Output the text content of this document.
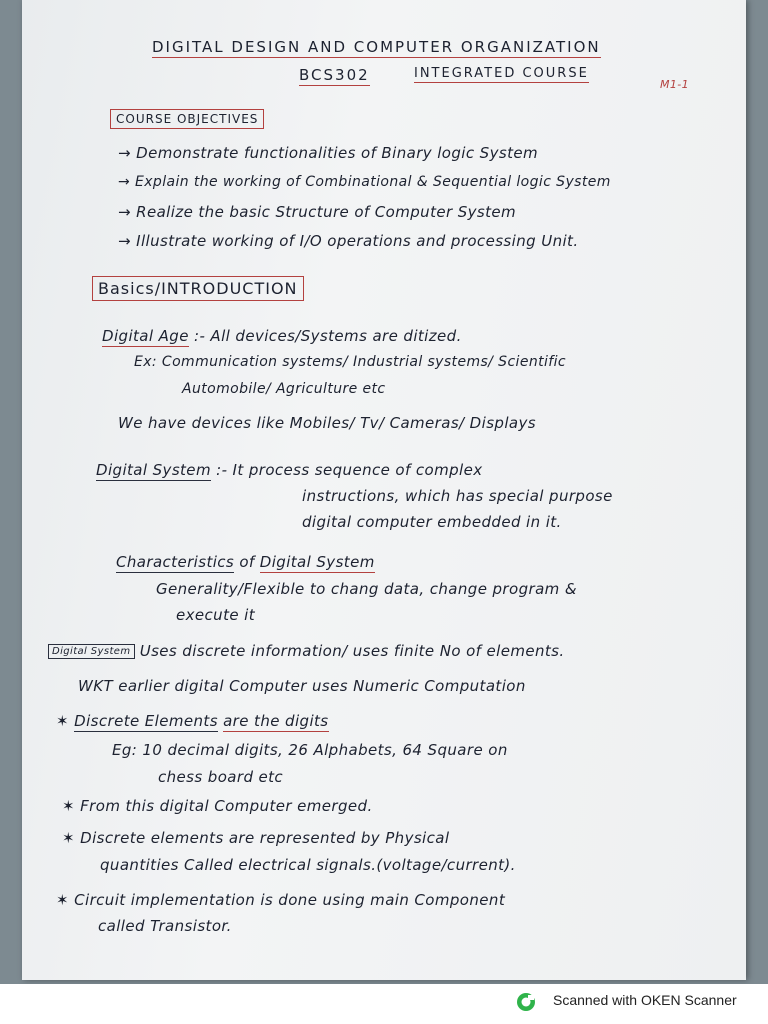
DIGITAL DESIGN AND COMPUTER ORGANIZATION
BCS302	INTEGRATED COURSE
M1-1
COURSE OBJECTIVES
→ Demonstrate functionalities of Binary logic System
→ Explain the working of Combinational & Sequential logic System
→ Realize the basic Structure of Computer System
→ Illustrate working of I/O operations and processing Unit.
Basics/INTRODUCTION
Digital Age :- All devices/Systems are ditized.
Ex: Communication systems/ Industrial systems/ Scientific
Automobile/ Agriculture etc
We have devices like Mobiles/ Tv/ Cameras/ Displays
Digital System :- It process sequence of complex
instructions, which has special purpose
digital computer embedded in it.
Characteristics of Digital System
Generality/Flexible to chang data, change program &
execute it
Digital System Uses discrete information/ uses finite No of elements.
WKT earlier digital Computer uses Numeric Computation
✶ Discrete Elements are the digits
Eg: 10 decimal digits, 26 Alphabets, 64 Square on
chess board etc
✶ From this digital Computer emerged.
✶ Discrete elements are represented by Physical
quantities Called electrical signals.(voltage/current).
✶ Circuit implementation is done using main Component
called Transistor.
Scanned with OKEN Scanner
